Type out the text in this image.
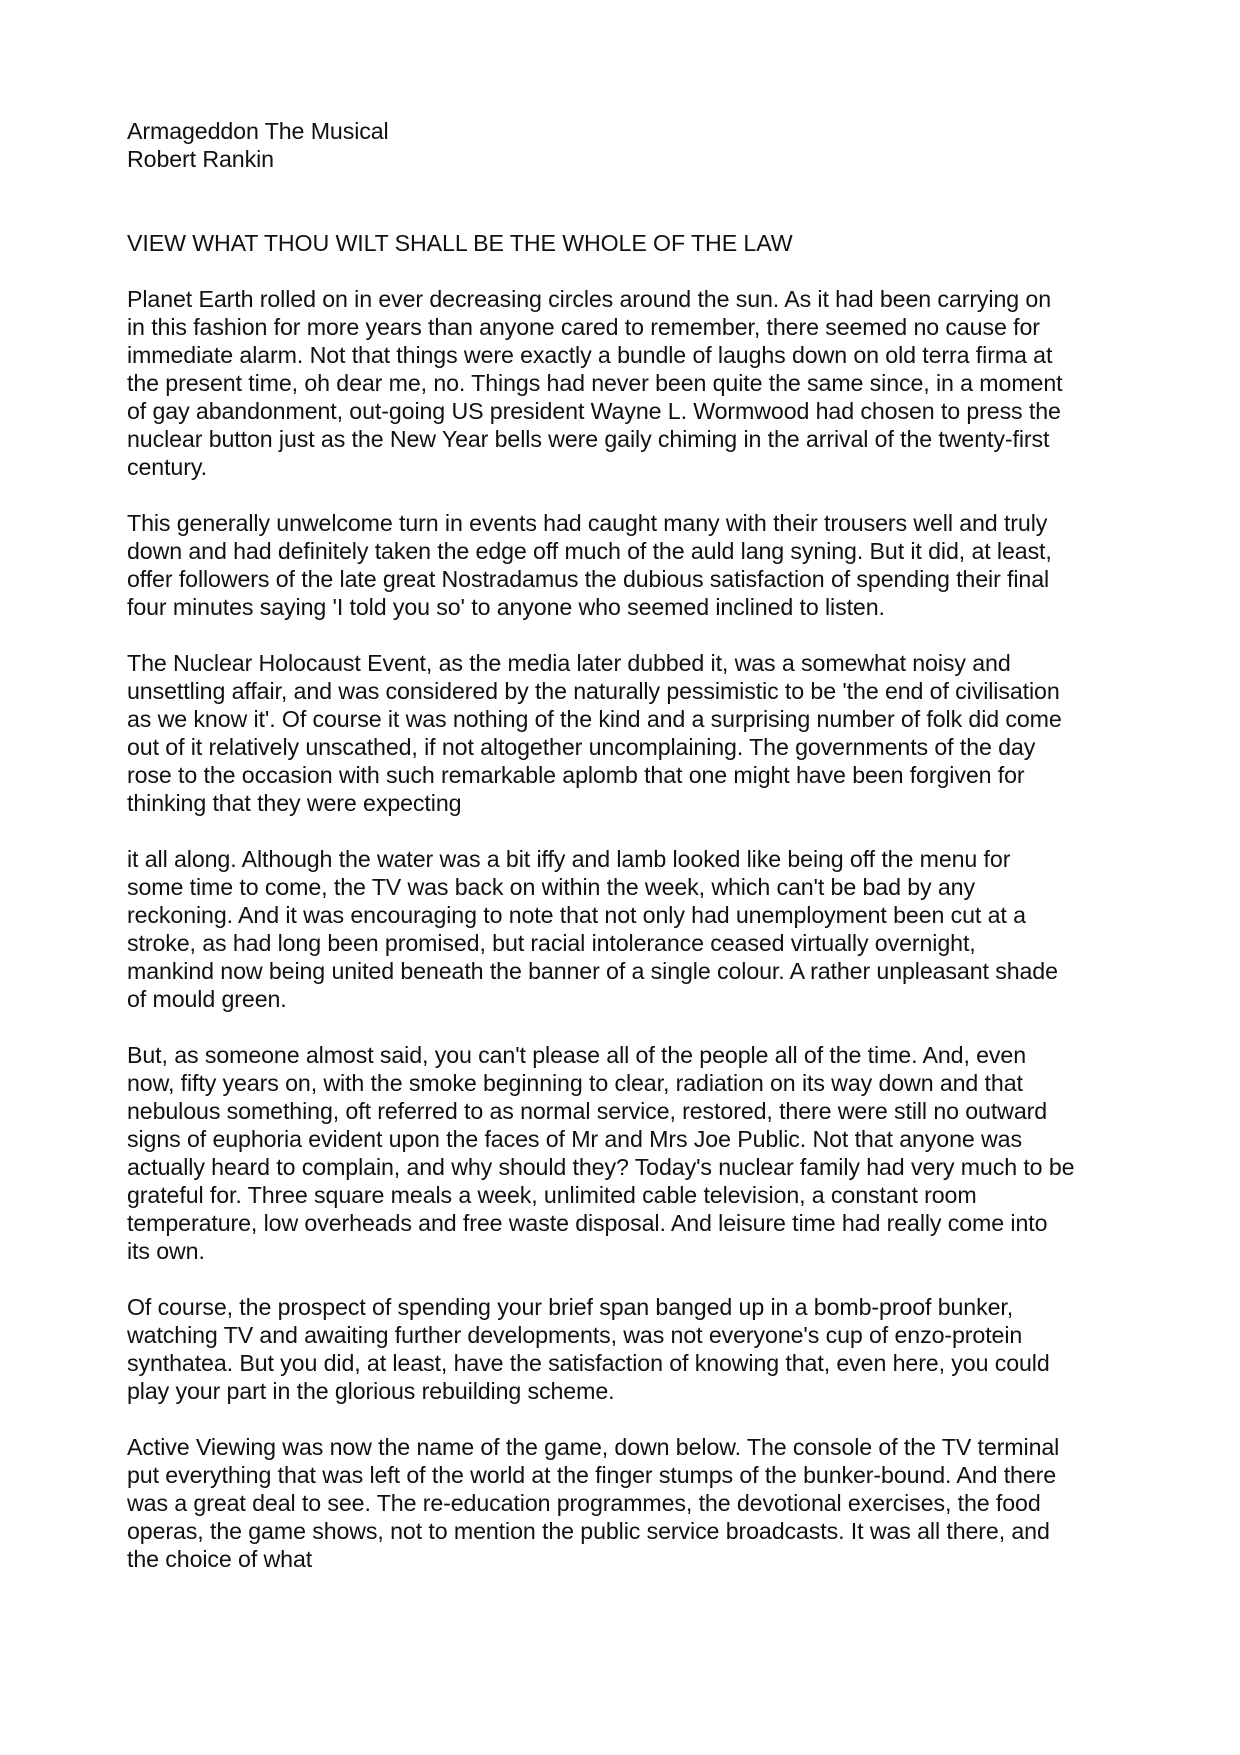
Armageddon The Musical

Robert Rankin

VIEW WHAT THOU WILT SHALL BE THE WHOLE OF THE LAW

Planet Earth rolled on in ever decreasing circles around the sun. As it had been carrying on
in this fashion for more years than anyone cared to remember, there seemed no cause for
immediate alarm. Not that things were exactly a bundle of laughs down on old terra firma at
the present time, oh dear me, no. Things had never been quite the same since, in a moment
of gay abandonment, out-going US president Wayne L. Wormwood had chosen to press the
nuclear button just as the New Year bells were gaily chiming in the arrival of the twenty-first
century.

This generally unwelcome turn in events had caught many with their trousers well and truly
down and had definitely taken the edge off much of the auld lang syning. But it did, at least,
offer followers of the late great Nostradamus the dubious satisfaction of spending their final
four minutes saying 'I told you so' to anyone who seemed inclined to listen.

The Nuclear Holocaust Event, as the media later dubbed it, was a somewhat noisy and
unsettling affair, and was considered by the naturally pessimistic to be 'the end of civilisation
as we know it'. Of course it was nothing of the kind and a surprising number of folk did come
out of it relatively unscathed, if not altogether uncomplaining. The governments of the day
rose to the occasion with such remarkable aplomb that one might have been forgiven for
thinking that they were expecting

it all along. Although the water was a bit iffy and lamb looked like being off the menu for
some time to come, the TV was back on within the week, which can't be bad by any
reckoning. And it was encouraging to note that not only had unemployment been cut at a
stroke, as had long been promised, but racial intolerance ceased virtually overnight,
mankind now being united beneath the banner of a single colour. A rather unpleasant shade
of mould green.

But, as someone almost said, you can't please all of the people all of the time. And, even
now, fifty years on, with the smoke beginning to clear, radiation on its way down and that
nebulous something, oft referred to as normal service, restored, there were still no outward
signs of euphoria evident upon the faces of Mr and Mrs Joe Public. Not that anyone was
actually heard to complain, and why should they? Today's nuclear family had very much to be
grateful for. Three square meals a week, unlimited cable television, a constant room
temperature, low overheads and free waste disposal. And leisure time had really come into
its own.

Of course, the prospect of spending your brief span banged up in a bomb-proof bunker,
watching TV and awaiting further developments, was not everyone's cup of enzo-protein
synthatea. But you did, at least, have the satisfaction of knowing that, even here, you could
play your part in the glorious rebuilding scheme.

Active Viewing was now the name of the game, down below. The console of the TV terminal
put everything that was left of the world at the finger stumps of the bunker-bound. And there
was a great deal to see. The re-education programmes, the devotional exercises, the food
operas, the game shows, not to mention the public service broadcasts. It was all there, and
the choice of what
